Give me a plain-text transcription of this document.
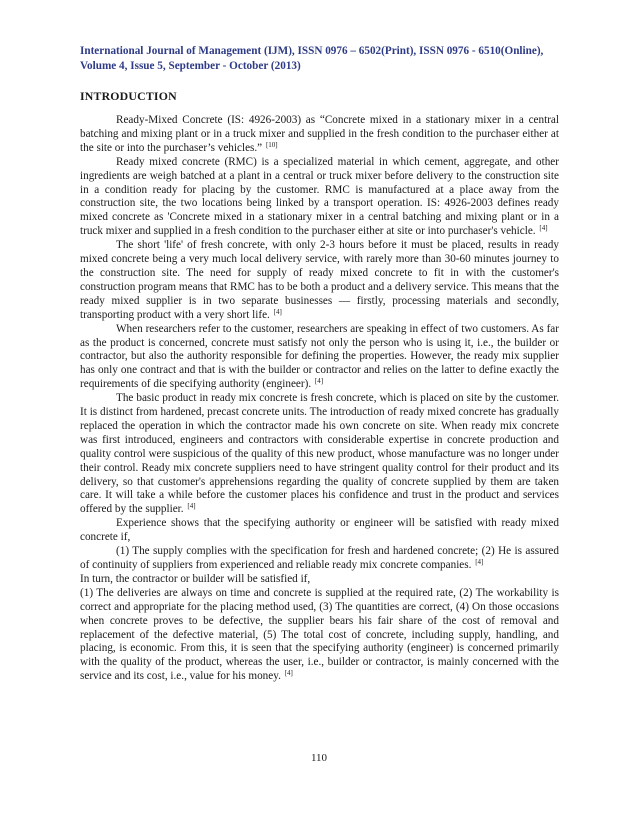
International Journal of Management (IJM), ISSN 0976 – 6502(Print), ISSN 0976 - 6510(Online),
Volume 4, Issue 5, September - October (2013)
INTRODUCTION

Ready-Mixed Concrete (IS: 4926-2003) as “Concrete mixed in a stationary mixer in a central batching and mixing plant or in a truck mixer and supplied in the fresh condition to the purchaser either at the site or into the purchaser’s vehicles.” [10]

Ready mixed concrete (RMC) is a specialized material in which cement, aggregate, and other ingredients are weigh batched at a plant in a central or truck mixer before delivery to the construction site in a condition ready for placing by the customer. RMC is manufactured at a place away from the construction site, the two locations being linked by a transport operation. IS: 4926-2003 defines ready mixed concrete as 'Concrete mixed in a stationary mixer in a central batching and mixing plant or in a truck mixer and supplied in a fresh condition to the purchaser either at site or into purchaser's vehicle. [4]

The short 'life' of fresh concrete, with only 2-3 hours before it must be placed, results in ready mixed concrete being a very much local delivery service, with rarely more than 30-60 minutes journey to the construction site. The need for supply of ready mixed concrete to fit in with the customer's construction program means that RMC has to be both a product and a delivery service. This means that the ready mixed supplier is in two separate businesses — firstly, processing materials and secondly, transporting product with a very short life. [4]

When researchers refer to the customer, researchers are speaking in effect of two customers. As far as the product is concerned, concrete must satisfy not only the person who is using it, i.e., the builder or contractor, but also the authority responsible for defining the properties. However, the ready mix supplier has only one contract and that is with the builder or contractor and relies on the latter to define exactly the requirements of die specifying authority (engineer). [4]

The basic product in ready mix concrete is fresh concrete, which is placed on site by the customer. It is distinct from hardened, precast concrete units. The introduction of ready mixed concrete has gradually replaced the operation in which the contractor made his own concrete on site. When ready mix concrete was first introduced, engineers and contractors with considerable expertise in concrete production and quality control were suspicious of the quality of this new product, whose manufacture was no longer under their control. Ready mix concrete suppliers need to have stringent quality control for their product and its delivery, so that customer's apprehensions regarding the quality of concrete supplied by them are taken care. It will take a while before the customer places his confidence and trust in the product and services offered by the supplier. [4]

Experience shows that the specifying authority or engineer will be satisfied with ready mixed concrete if,

(1) The supply complies with the specification for fresh and hardened concrete; (2) He is assured of continuity of suppliers from experienced and reliable ready mix concrete companies. [4]

In turn, the contractor or builder will be satisfied if,

(1) The deliveries are always on time and concrete is supplied at the required rate, (2) The workability is correct and appropriate for the placing method used, (3) The quantities are correct, (4) On those occasions when concrete proves to be defective, the supplier bears his fair share of the cost of removal and replacement of the defective material, (5) The total cost of concrete, including supply, handling, and placing, is economic. From this, it is seen that the specifying authority (engineer) is concerned primarily with the quality of the product, whereas the user, i.e., builder or contractor, is mainly concerned with the service and its cost, i.e., value for his money. [4]

110
